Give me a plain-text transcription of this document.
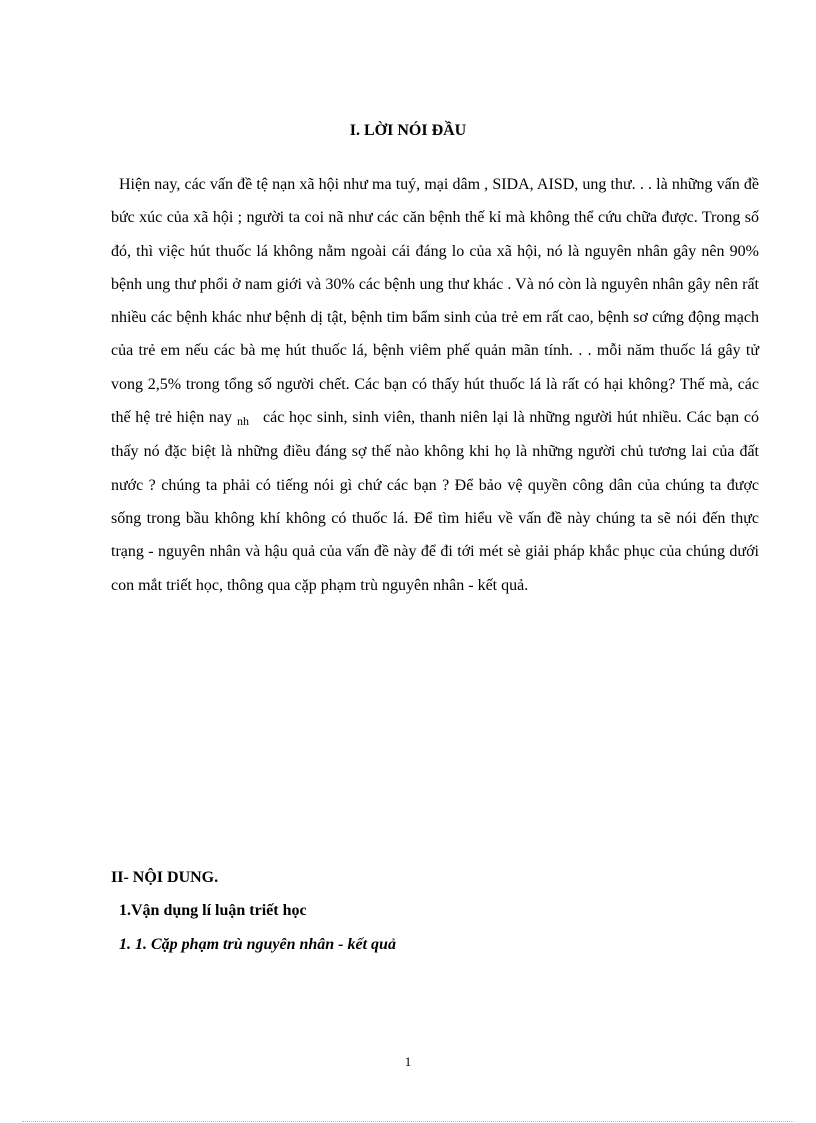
I. LỜI NÓI ĐẦU

Hiện nay, các vấn đề tệ nạn xã hội như ma tuý, mại dâm , SIDA, AISD, ung thư. . . là những vấn đề bức xúc của xã hội ; người ta coi nã như các căn bệnh thế kỉ mà không thể cứu chữa được. Trong số đó, thì việc hút thuốc lá không nằm ngoài cái đáng lo của xã hội, nó là nguyên nhân gây nên 90% bệnh ung thư phổi ở nam giới và 30% các bệnh ung thư khác . Và nó còn là nguyên nhân gây nên rất nhiều các bệnh khác như bệnh dị tật, bệnh tim bẩm sinh của trẻ em rất cao, bệnh sơ cứng động mạch của trẻ em nếu các bà mẹ hút thuốc lá, bệnh viêm phế quản mãn tính. . . mỗi năm thuốc lá gây tử vong 2,5% trong tổng số người chết. Các bạn có thấy hút thuốc lá là rất có hại không? Thế mà, các thế hệ trẻ hiện nay nh các học sinh, sinh viên, thanh niên lại là những người hút nhiều. Các bạn có thấy nó đặc biệt là những điều đáng sợ thế nào không khi họ là những người chủ tương lai của đất nước ? chúng ta phải có tiếng nói gì chứ các bạn ? Để bảo vệ quyền công dân của chúng ta được sống trong bầu không khí không có thuốc lá. Để tìm hiểu về vấn đề này chúng ta sẽ nói đến thực trạng - nguyên nhân và hậu quả của vấn đề này để đi tới mét sè giải pháp khắc phục của chúng dưới con mắt triết học, thông qua cặp phạm trù nguyên nhân - kết quả.

II- NỘI DUNG.
1.Vận dụng lí luận triết học
1. 1. Cặp phạm trù nguyên nhân - kết quả
1
